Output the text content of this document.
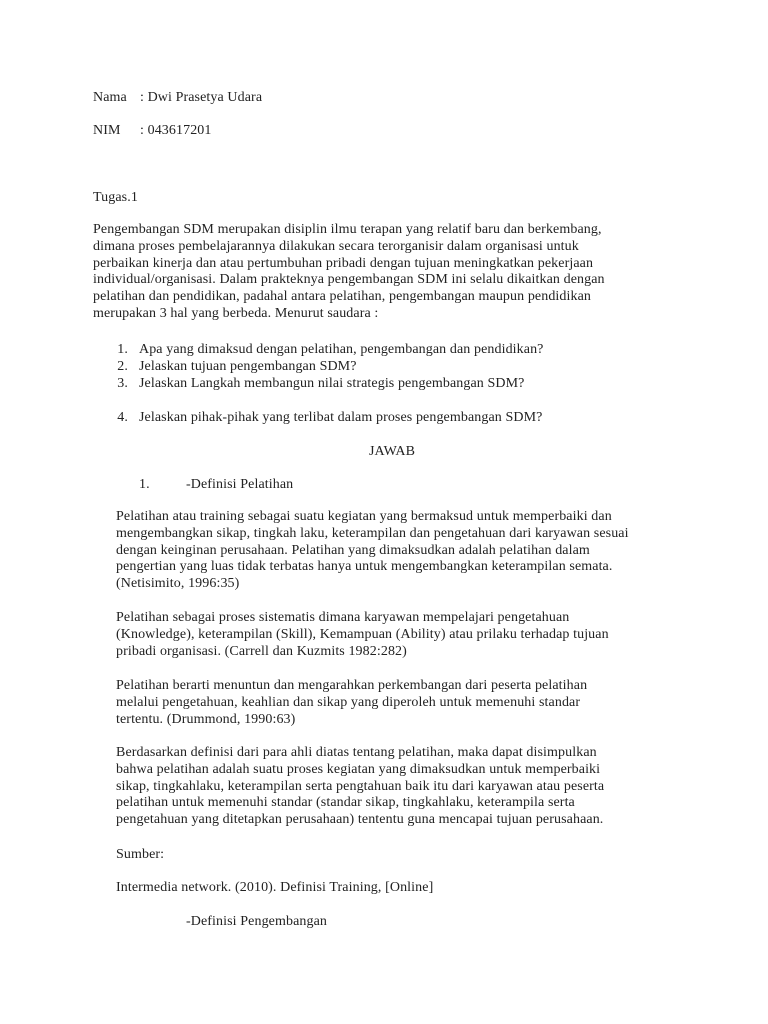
Nama : Dwi Prasetya Udara
NIM : 043617201
Tugas.1
Pengembangan SDM merupakan disiplin ilmu terapan yang relatif baru dan berkembang,
dimana proses pembelajarannya dilakukan secara terorganisir dalam organisasi untuk
perbaikan kinerja dan atau pertumbuhan pribadi dengan tujuan meningkatkan pekerjaan
individual/organisasi. Dalam prakteknya pengembangan SDM ini selalu dikaitkan dengan
pelatihan dan pendidikan, padahal antara pelatihan, pengembangan maupun pendidikan
merupakan 3 hal yang berbeda. Menurut saudara :
1. Apa yang dimaksud dengan pelatihan, pengembangan dan pendidikan?
2. Jelaskan tujuan pengembangan SDM?
3. Jelaskan Langkah membangun nilai strategis pengembangan SDM?
4. Jelaskan pihak-pihak yang terlibat dalam proses pengembangan SDM?
JAWAB
1.	-Definisi Pelatihan
Pelatihan atau training sebagai suatu kegiatan yang bermaksud untuk memperbaiki dan
mengembangkan sikap, tingkah laku, keterampilan dan pengetahuan dari karyawan sesuai
dengan keinginan perusahaan. Pelatihan yang dimaksudkan adalah pelatihan dalam
pengertian yang luas tidak terbatas hanya untuk mengembangkan keterampilan semata.
(Netisimito, 1996:35)
Pelatihan sebagai proses sistematis dimana karyawan mempelajari pengetahuan
(Knowledge), keterampilan (Skill), Kemampuan (Ability) atau prilaku terhadap tujuan
pribadi organisasi. (Carrell dan Kuzmits 1982:282)
Pelatihan berarti menuntun dan mengarahkan perkembangan dari peserta pelatihan
melalui pengetahuan, keahlian dan sikap yang diperoleh untuk memenuhi standar
tertentu. (Drummond, 1990:63)
Berdasarkan definisi dari para ahli diatas tentang pelatihan, maka dapat disimpulkan
bahwa pelatihan adalah suatu proses kegiatan yang dimaksudkan untuk memperbaiki
sikap, tingkahlaku, keterampilan serta pengtahuan baik itu dari karyawan atau peserta
pelatihan untuk memenuhi standar (standar sikap, tingkahlaku, keterampila serta
pengetahuan yang ditetapkan perusahaan) tententu guna mencapai tujuan perusahaan.
Sumber:
Intermedia network. (2010). Definisi Training, [Online]
-Definisi Pengembangan
